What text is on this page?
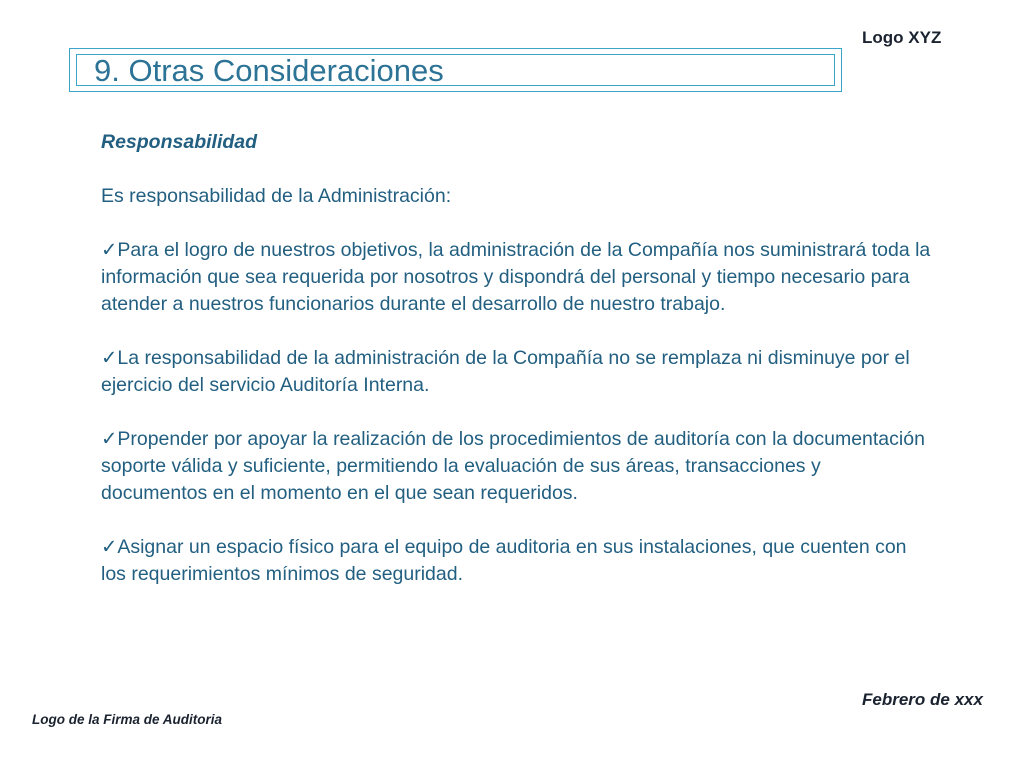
Logo XYZ
9. Otras Consideraciones

Responsabilidad

Es responsabilidad de la Administración:

✓Para el logro de nuestros objetivos, la administración de la Compañía nos suministrará toda la información que sea requerida por nosotros y dispondrá del personal y tiempo necesario para atender a nuestros funcionarios durante el desarrollo de nuestro trabajo.

✓La responsabilidad de la administración de la Compañía no se remplaza ni disminuye por el ejercicio del servicio Auditoría Interna.

✓Propender por apoyar la realización de los procedimientos de auditoría con la documentación soporte válida y suficiente, permitiendo la evaluación de sus áreas, transacciones y documentos en el momento en el que sean requeridos.

✓Asignar un espacio físico para el equipo de auditoria en sus instalaciones, que cuenten con los requerimientos mínimos de seguridad.

Febrero de xxx
Logo de la Firma de Auditoria
